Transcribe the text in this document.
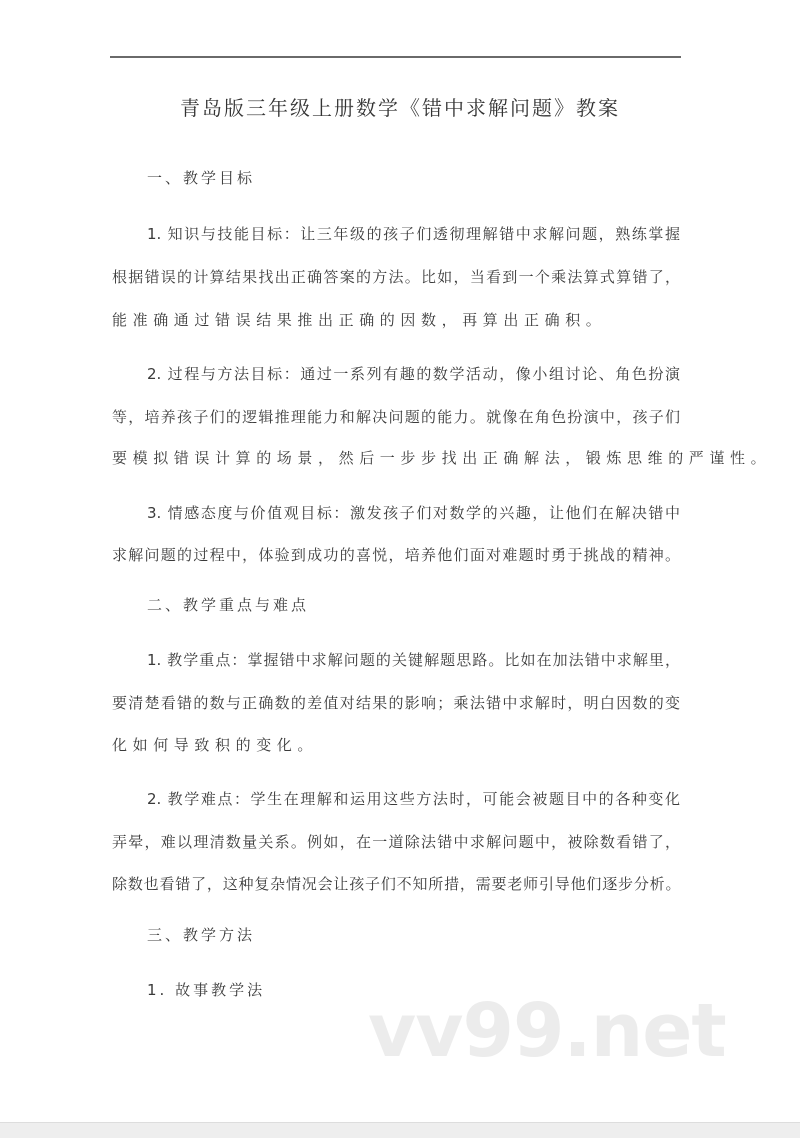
青岛版三年级上册数学《错中求解问题》教案
一、教学目标
1. 知识与技能目标：让三年级的孩子们透彻理解错中求解问题，熟练掌握
根据错误的计算结果找出正确答案的方法。比如，当看到一个乘法算式算错了，
能准确通过错误结果推出正确的因数，再算出正确积。
2. 过程与方法目标：通过一系列有趣的数学活动，像小组讨论、角色扮演
等，培养孩子们的逻辑推理能力和解决问题的能力。就像在角色扮演中，孩子们
要模拟错误计算的场景，然后一步步找出正确解法，锻炼思维的严谨性。
3. 情感态度与价值观目标：激发孩子们对数学的兴趣，让他们在解决错中
求解问题的过程中，体验到成功的喜悦，培养他们面对难题时勇于挑战的精神。
二、教学重点与难点
1. 教学重点：掌握错中求解问题的关键解题思路。比如在加法错中求解里，
要清楚看错的数与正确数的差值对结果的影响；乘法错中求解时，明白因数的变
化如何导致积的变化。
2. 教学难点：学生在理解和运用这些方法时，可能会被题目中的各种变化
弄晕，难以理清数量关系。例如，在一道除法错中求解问题中，被除数看错了，
除数也看错了，这种复杂情况会让孩子们不知所措，需要老师引导他们逐步分析。
三、教学方法
1. 故事教学法 vv99.net
